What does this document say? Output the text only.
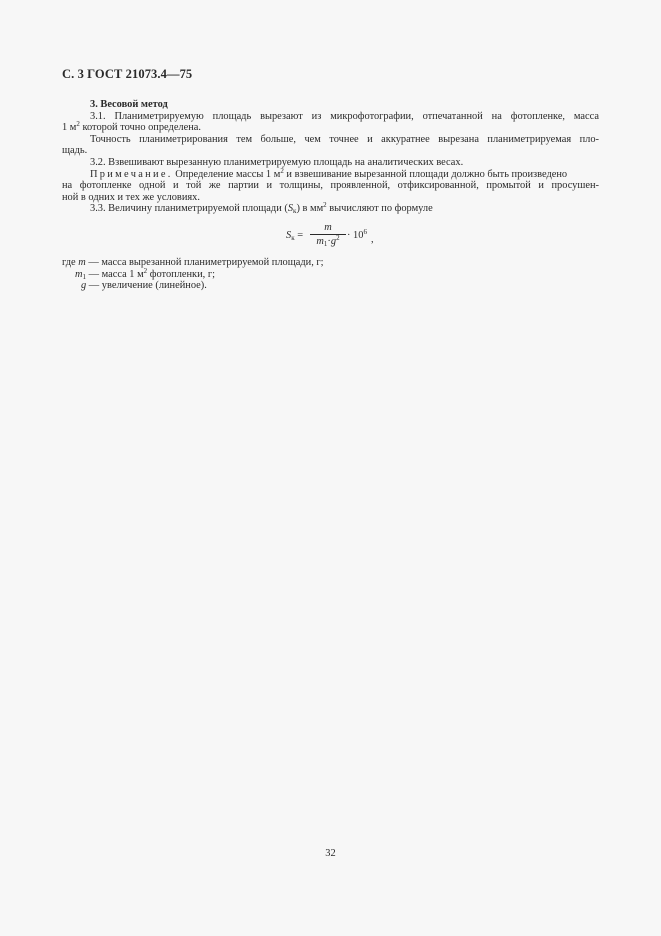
С. 3 ГОСТ 21073.4—75
3. Весовой метод
3.1. Планиметрируемую площадь вырезают из микрофотографии, отпечатанной на фотопленке, масса
1 $м^2$ которой точно определена.
Точность планиметрирования тем больше, чем точнее и аккуратнее вырезана планиметрируемая пло-
щадь.
3.2. Взвешивают вырезанную планиметрируемую площадь на аналитических весах.
Примечание. Определение массы 1 $м^2$ и взвешивание вырезанной площади должно быть произведено
на фотопленке одной и той же партии и толщины, проявленной, отфиксированной, промытой и просушен-
ной в одних и тех же условиях.
3.3. Величину планиметрируемой площади $(S_к)$ в $мм^2$ вычисляют по формуле
$S_к$ =
m
$m_1\cdot g^2 \cdot 10^6$
,
где m — масса вырезанной планиметрируемой площади, г;
$m_1$ — масса 1 $м^2$ фотопленки, г;
g — увеличение (линейное).
32
